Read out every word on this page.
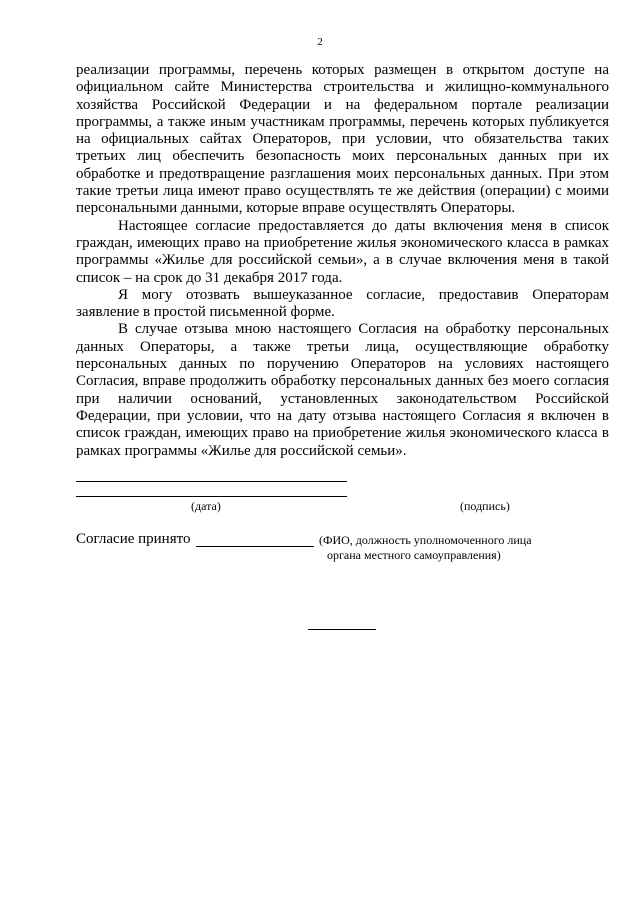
2

реализации программы, перечень которых размещен в открытом доступе на официальном сайте Министерства строительства и жилищно-коммунального хозяйства Российской Федерации и на федеральном портале реализации программы, а также иным участникам программы, перечень которых публикуется на официальных сайтах Операторов, при условии, что обязательства таких третьих лиц обеспечить безопасность моих персональных данных при их обработке и предотвращение разглашения моих персональных данных. При этом такие третьи лица имеют право осуществлять те же действия (операции) с моими персональными данными, которые вправе осуществлять Операторы.

Настоящее согласие предоставляется до даты включения меня в список граждан, имеющих право на приобретение жилья экономического класса в рамках программы «Жилье для российской семьи», а в случае включения меня в такой список – на срок до 31 декабря 2017 года.

Я могу отозвать вышеуказанное согласие, предоставив Операторам заявление в простой письменной форме.

В случае отзыва мною настоящего Согласия на обработку персональных данных Операторы, а также третьи лица, осуществляющие обработку персональных данных по поручению Операторов на условиях настоящего Согласия, вправе продолжить обработку персональных данных без моего согласия при наличии оснований, установленных законодательством Российской Федерации, при условии, что на дату отзыва настоящего Согласия я включен в список граждан, имеющих право на приобретение жилья экономического класса в рамках программы «Жилье для российской семьи».

(дата)	(подпись)
Согласие принято	(ФИО, должность уполномоченного лица
органа местного самоуправления)
